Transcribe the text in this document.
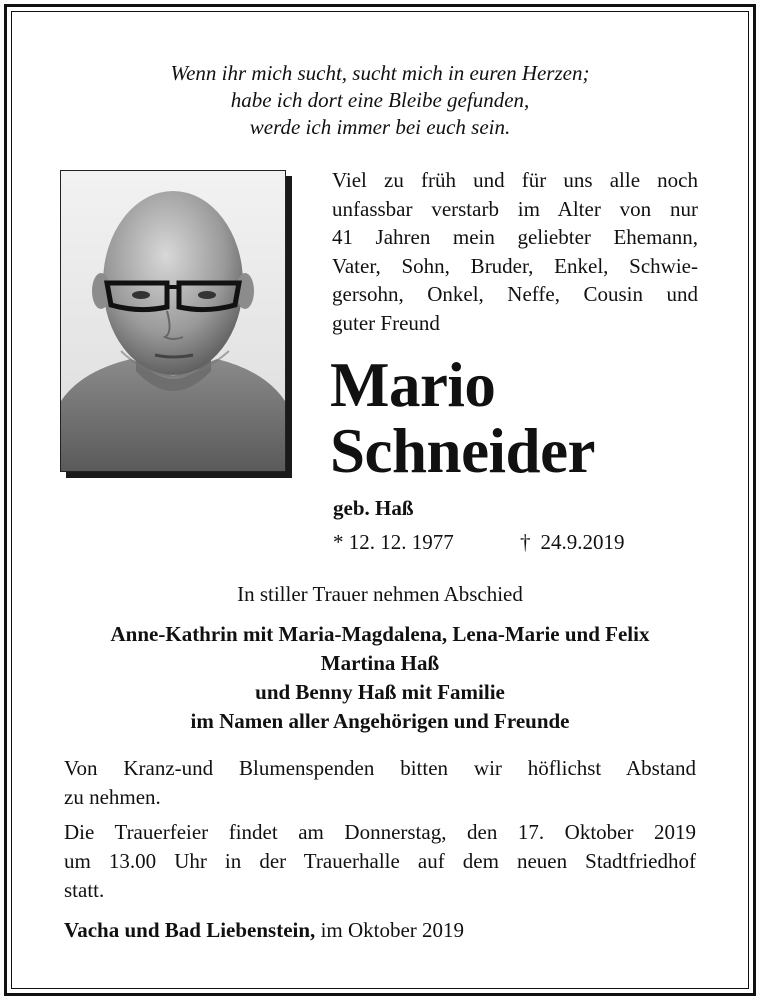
Wenn ihr mich sucht, sucht mich in euren Herzen;
habe ich dort eine Bleibe gefunden,
werde ich immer bei euch sein.
Viel zu früh und für uns alle noch
unfassbar verstarb im Alter von nur
41 Jahren mein geliebter Ehemann,
Vater, Sohn, Bruder, Enkel, Schwie-
gersohn, Onkel, Neffe, Cousin und
guter Freund
Mario
Schneider
geb. Haß
* 12. 12. 1977	† 24.9.2019
In stiller Trauer nehmen Abschied
Anne-Kathrin mit Maria-Magdalena, Lena-Marie und Felix
Martina Haß
und Benny Haß mit Familie
im Namen aller Angehörigen und Freunde
Von Kranz-und Blumenspenden bitten wir höflichst Abstand
zu nehmen.
Die Trauerfeier findet am Donnerstag, den 17. Oktober 2019
um 13.00 Uhr in der Trauerhalle auf dem neuen Stadtfriedhof
statt.
Vacha und Bad Liebenstein, im Oktober 2019
